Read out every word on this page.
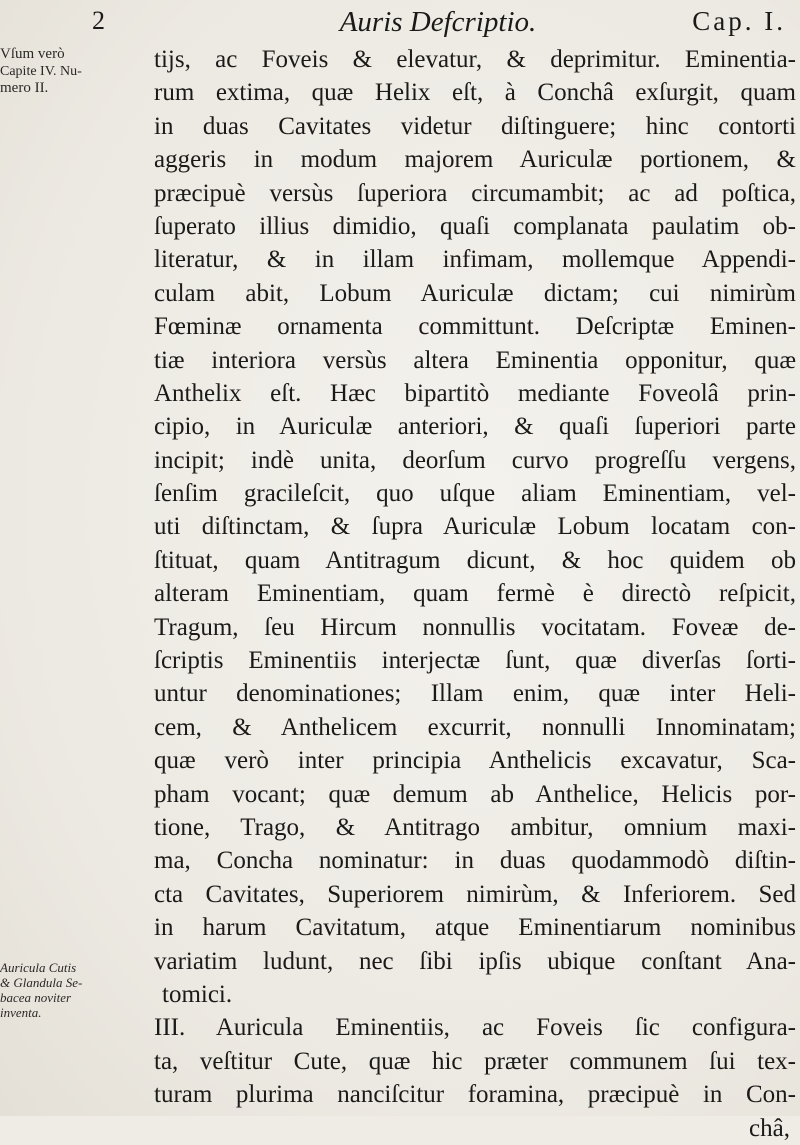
2	Auris Defcriptio.	Cap. I.
Vſum verò
Capite IV. Nu-
mero II.
Auricula Cutis
& Glandula Se-
bacea noviter
inventa.
tijs, ac Foveis & elevatur, & deprimitur. Eminentia-
rum extima, quæ Helix eſt, à Conchâ exſurgit, quam
in duas Cavitates videtur diſtinguere; hinc contorti
aggeris in modum majorem Auriculæ portionem, &
præcipuè versùs ſuperiora circumambit; ac ad poſtica,
ſuperato illius dimidio, quaſi complanata paulatim ob-
literatur, & in illam infimam, mollemque Appendi-
culam abit, Lobum Auriculæ dictam; cui nimirùm
Fœminæ ornamenta committunt. Deſcriptæ Eminen-
tiæ interiora versùs altera Eminentia opponitur, quæ
Anthelix eſt. Hæc bipartitò mediante Foveolâ prin-
cipio, in Auriculæ anteriori, & quaſi ſuperiori parte
incipit; indè unita, deorſum curvo progreſſu vergens,
ſenſim gracileſcit, quo uſque aliam Eminentiam, vel-
uti diſtinctam, & ſupra Auriculæ Lobum locatam con-
ſtituat, quam Antitragum dicunt, & hoc quidem ob
alteram Eminentiam, quam fermè è directò reſpicit,
Tragum, ſeu Hircum nonnullis vocitatam. Foveæ de-
ſcriptis Eminentiis interjectæ ſunt, quæ diverſas ſorti-
untur denominationes; Illam enim, quæ inter Heli-
cem, & Anthelicem excurrit, nonnulli Innominatam;
quæ verò inter principia Anthelicis excavatur, Sca-
pham vocant; quæ demum ab Anthelice, Helicis por-
tione, Trago, & Antitrago ambitur, omnium maxi-
ma, Concha nominatur: in duas quodammodò diſtin-
cta Cavitates, Superiorem nimirùm, & Inferiorem. Sed
in harum Cavitatum, atque Eminentiarum nominibus
variatim ludunt, nec ſibi ipſis ubique conſtant Ana-
tomici.
III. Auricula Eminentiis, ac Foveis ſic configura-
ta, veſtitur Cute, quæ hic præter communem ſui tex-
turam plurima nanciſcitur foramina, præcipuè in Con-
châ,
